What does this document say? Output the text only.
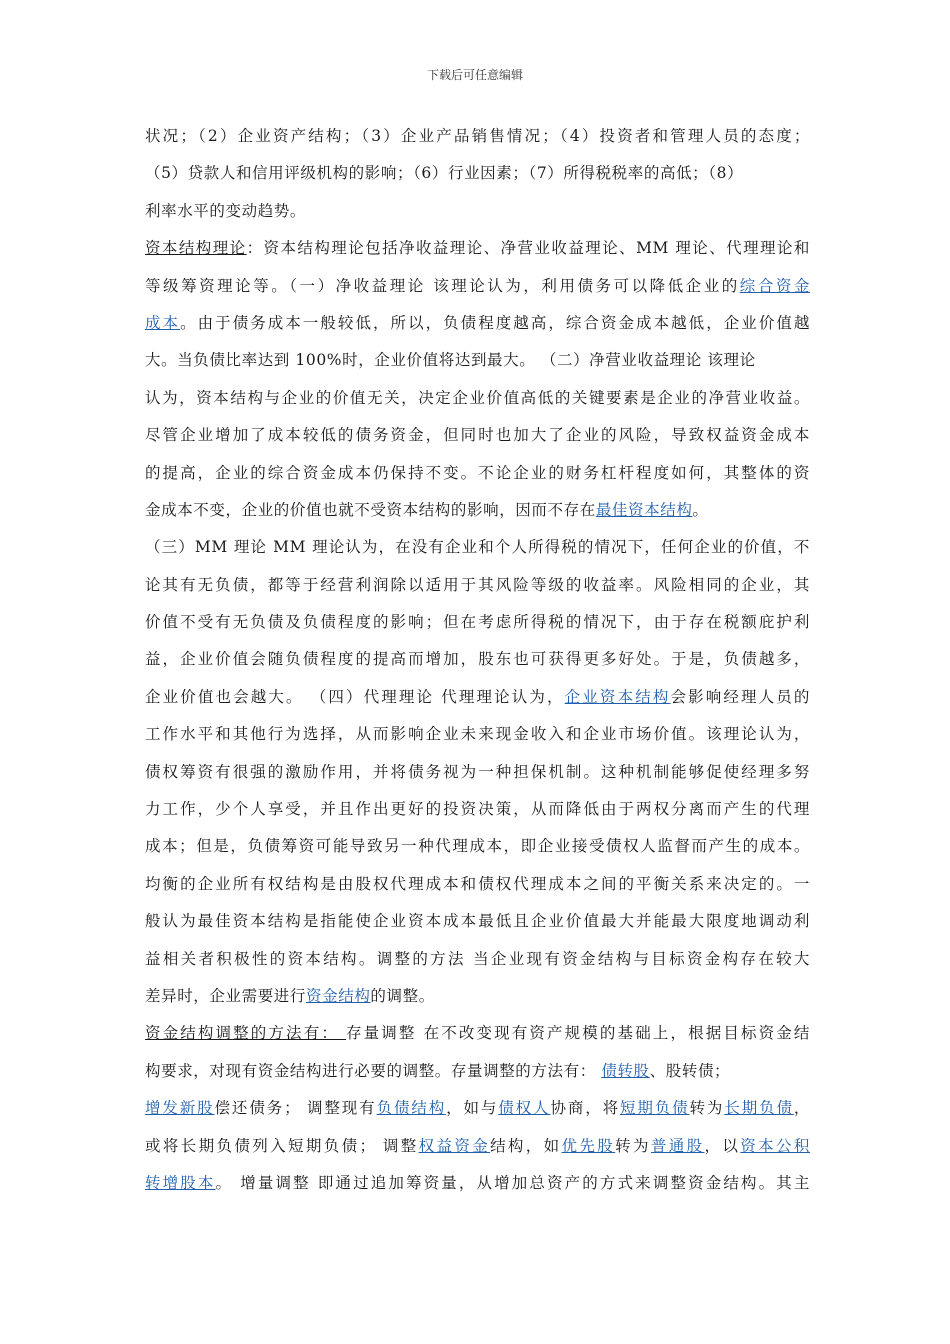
下载后可任意编辑
状况；（2）企业资产结构；（3）企业产品销售情况；（4）投资者和管理人员的态度；
（5）贷款人和信用评级机构的影响；（6）行业因素；（7）所得税税率的高低；（8）
利率水平的变动趋势。
资本结构理论：资本结构理论包括净收益理论、净营业收益理论、MM 理论、代理理论和
等级筹资理论等。（一）净收益理论 该理论认为，利用债务可以降低企业的综合资金
成本。由于债务成本一般较低，所以，负债程度越高，综合资金成本越低，企业价值越
大。当负债比率达到 100%时，企业价值将达到最大。 （二）净营业收益理论 该理论
认为，资本结构与企业的价值无关，决定企业价值高低的关键要素是企业的净营业收益。
尽管企业增加了成本较低的债务资金，但同时也加大了企业的风险，导致权益资金成本
的提高，企业的综合资金成本仍保持不变。不论企业的财务杠杆程度如何，其整体的资
金成本不变，企业的价值也就不受资本结构的影响，因而不存在最佳资本结构。
（三）MM 理论 MM 理论认为，在没有企业和个人所得税的情况下，任何企业的价值，不
论其有无负债，都等于经营利润除以适用于其风险等级的收益率。风险相同的企业，其
价值不受有无负债及负债程度的影响；但在考虑所得税的情况下，由于存在税额庇护利
益，企业价值会随负债程度的提高而增加，股东也可获得更多好处。于是，负债越多，
企业价值也会越大。 （四）代理理论 代理理论认为，企业资本结构会影响经理人员的
工作水平和其他行为选择，从而影响企业未来现金收入和企业市场价值。该理论认为，
债权筹资有很强的激励作用，并将债务视为一种担保机制。这种机制能够促使经理多努
力工作，少个人享受，并且作出更好的投资决策，从而降低由于两权分离而产生的代理
成本；但是，负债筹资可能导致另一种代理成本，即企业接受债权人监督而产生的成本。
均衡的企业所有权结构是由股权代理成本和债权代理成本之间的平衡关系来决定的。一
般认为最佳资本结构是指能使企业资本成本最低且企业价值最大并能最大限度地调动利
益相关者积极性的资本结构。调整的方法 当企业现有资金结构与目标资金构存在较大
差异时，企业需要进行资金结构的调整。
资金结构调整的方法有： 存量调整 在不改变现有资产规模的基础上，根据目标资金结
构要求，对现有资金结构进行必要的调整。存量调整的方法有： 债转股、股转债；
增发新股偿还债务； 调整现有负债结构，如与债权人协商，将短期负债转为长期负债，
或将长期负债列入短期负债； 调整权益资金结构，如优先股转为普通股，以资本公积
转增股本。 增量调整 即通过追加筹资量，从增加总资产的方式来调整资金结构。其主
